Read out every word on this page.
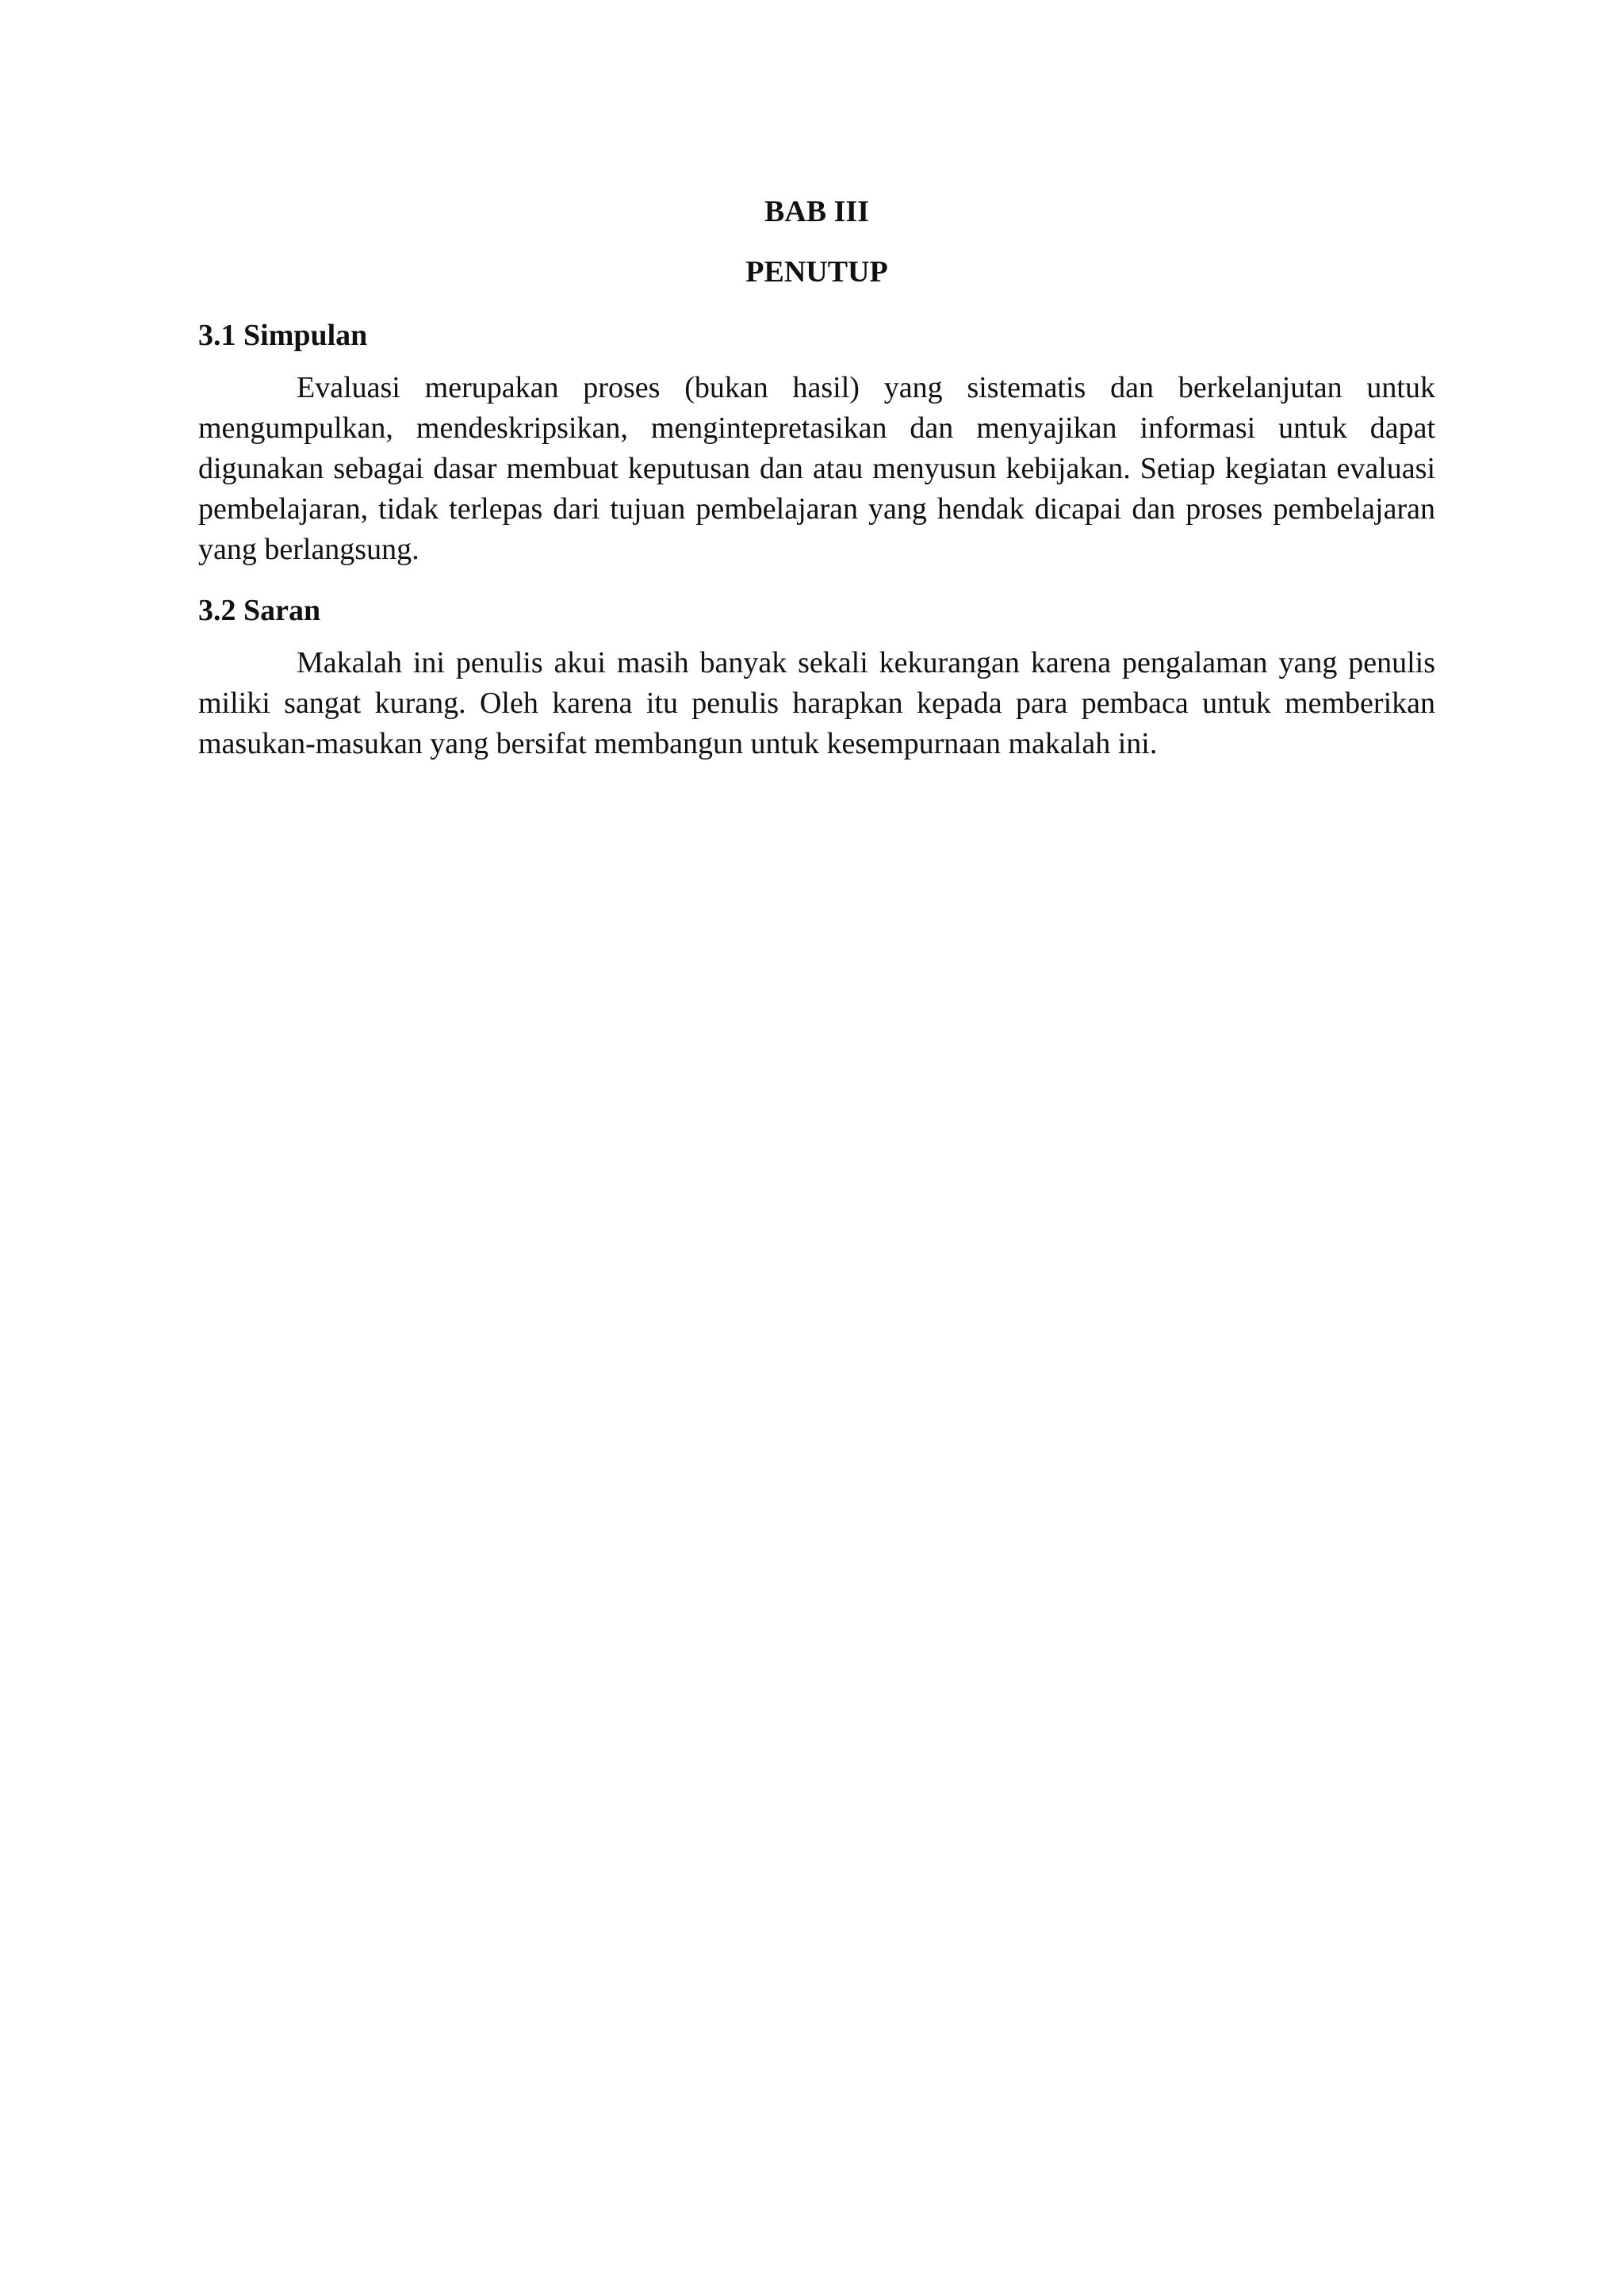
BAB III
PENUTUP
3.1 Simpulan

Evaluasi merupakan proses (bukan hasil) yang sistematis dan berkelanjutan untuk mengumpulkan, mendeskripsikan, mengintepretasikan dan menyajikan informasi untuk dapat digunakan sebagai dasar membuat keputusan dan atau menyusun kebijakan. Setiap kegiatan evaluasi pembelajaran, tidak terlepas dari tujuan pembelajaran yang hendak dicapai dan proses pembelajaran yang berlangsung.

3.2 Saran

Makalah ini penulis akui masih banyak sekali kekurangan karena pengalaman yang penulis miliki sangat kurang. Oleh karena itu penulis harapkan kepada para pembaca untuk memberikan masukan-masukan yang bersifat membangun untuk kesempurnaan makalah ini.
